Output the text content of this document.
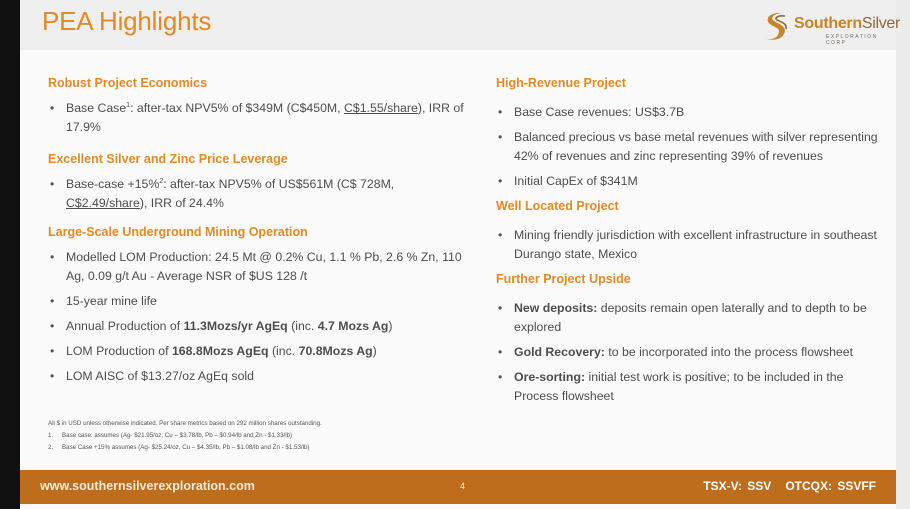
PEA Highlights	SouthernSilver
EXPLORATION CORP

Robust Project Economics

• Base Case$^1$: after-tax NPV5% of $349M (C$450M, C$1.55/share), IRR of 17.9%

Excellent Silver and Zinc Price Leverage

• Base-case +15%$^2$: after-tax NPV5% of US$561M (C$ 728M, C$2.49/share), IRR of 24.4%

Large-Scale Underground Mining Operation

• Modelled LOM Production: 24.5 Mt @ 0.2% Cu, 1.1 % Pb, 2.6 % Zn, 110 Ag, 0.09 g/t Au - Average NSR of $US 128 /t
• 15-year mine life
• Annual Production of 11.3Mozs/yr AgEq (inc. 4.7 Mozs Ag)
• LOM Production of 168.8Mozs AgEq (inc. 70.8Mozs Ag)
• LOM AISC of $13.27/oz AgEq sold

High-Revenue Project

• Base Case revenues: US$3.7B
• Balanced precious vs base metal revenues with silver representing 42% of revenues and zinc representing 39% of revenues
• Initial CapEx of $341M

Well Located Project

• Mining friendly jurisdiction with excellent infrastructure in southeast Durango state, Mexico

Further Project Upside

• New deposits: deposits remain open laterally and to depth to be explored
• Gold Recovery: to be incorporated into the process flowsheet
• Ore-sorting: initial test work is positive; to be included in the Process flowsheet
All $ in USD unless otherwise indicated. Per share metrics based on 292 million shares outstanding.
1. Base case: assumes (Ag- $21.95/oz, Cu – $3.78/lb, Pb – $0.94/lb and Zn - $1.33/lb)
2. Base Case +15% assumes (Ag- $25.24/oz, Cu – $4.35/lb, Pb – $1.08/lb and Zn - $1.53/lb)
www.southernsilverexploration.com	4	TSX-V: SSV OTCQX: SSVFF
